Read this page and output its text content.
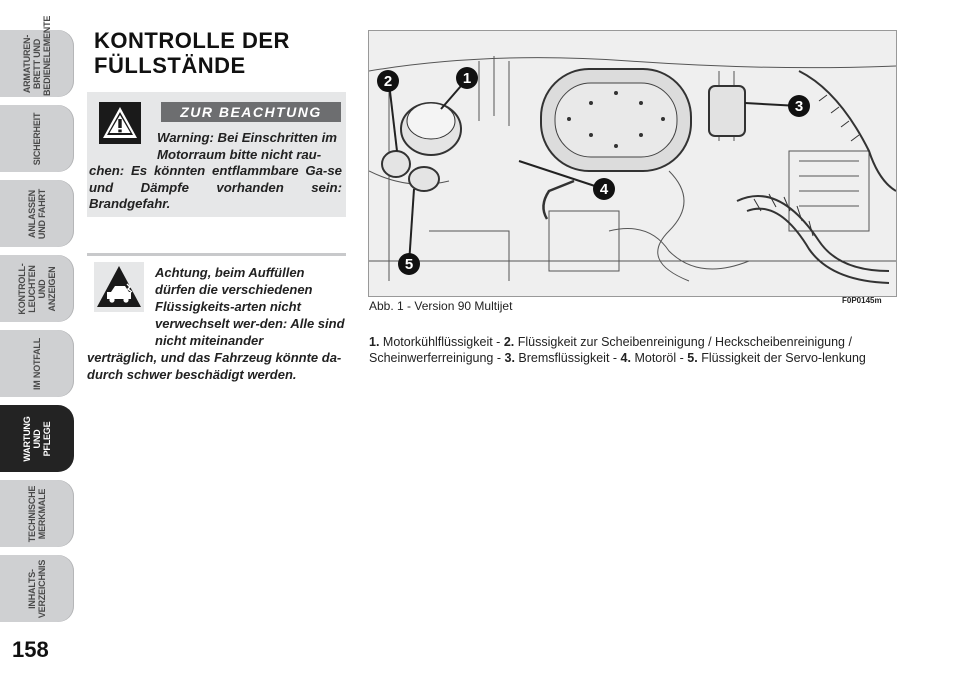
ARMATUREN-
BRETT UND
BEDIENELEMENTE
SICHERHEIT
ANLASSEN
UND FAHRT
KONTROLL-
LEUCHTEN UND
ANZEIGEN
IM NOTFALL
WARTUNG UND
PFLEGE
TECHNISCHE
MERKMALE
INHALTS-
VERZEICHNIS
158
KONTROLLE DER
FÜLLSTÄNDE
ZUR BEACHTUNG
Warning: Bei Einschritten im Motorraum bitte nicht rau-
chen: Es könnten entflammbare Ga-se und Dämpfe vorhanden sein: Brandgefahr.
Achtung, beim Auffüllen dürfen die verschiedenen Flüssigkeits-arten nicht verwechselt wer-den: Alle sind nicht miteinander
verträglich, und das Fahrzeug könnte da-durch schwer beschädigt werden.
1
2
3
4
5
Abb. 1 - Version 90 Multijet	F0P0145m
1. Motorkühlflüssigkeit - 2. Flüssigkeit zur Scheibenreinigung / Heckscheibenreinigung / Scheinwerferreinigung - 3. Bremsflüssigkeit - 4. Motoröl - 5. Flüssigkeit der Servo-lenkung
